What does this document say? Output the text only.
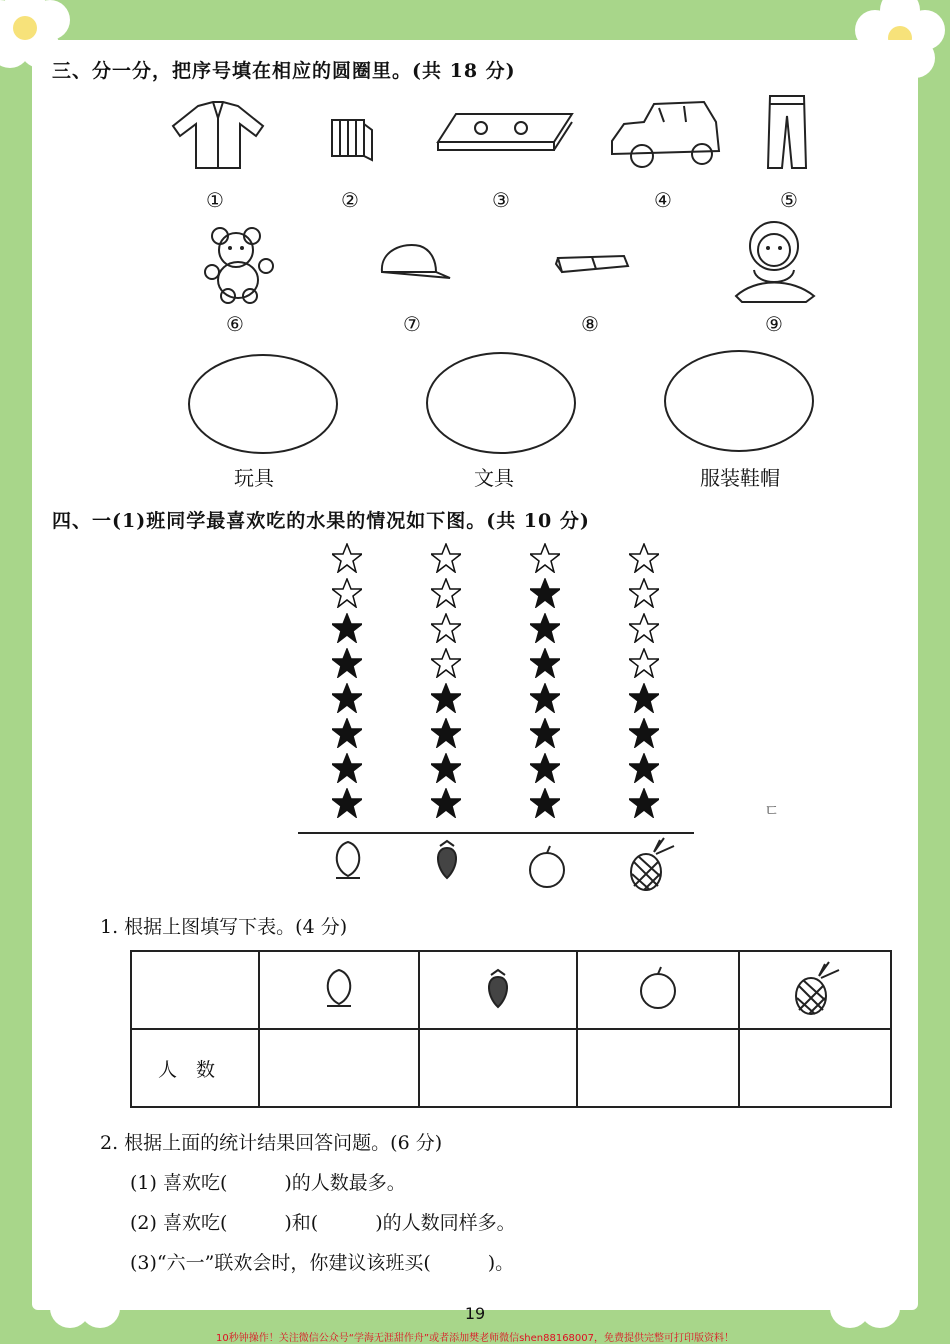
三、分一分，把序号填在相应的圆圈里。(共 18 分)
①	②	③	④	⑤
⑥	⑦	⑧	⑨
玩具	文具	服装鞋帽
四、一(1)班同学最喜欢吃的水果的情况如下图。(共 10 分)
ㄷ
1. 根据上图填写下表。(4 分)

人　数				
2. 根据上面的统计结果回答问题。(6 分)
(1) 喜欢吃(　　　)的人数最多。
(2) 喜欢吃(　　　)和(　　　)的人数同样多。
(3)“六一”联欢会时，你建议该班买(　　　)。
19
10秒钟操作！关注微信公众号“学海无涯甜作舟”或者添加樊老师微信shen88168007，免费提供完整可打印版资料！
